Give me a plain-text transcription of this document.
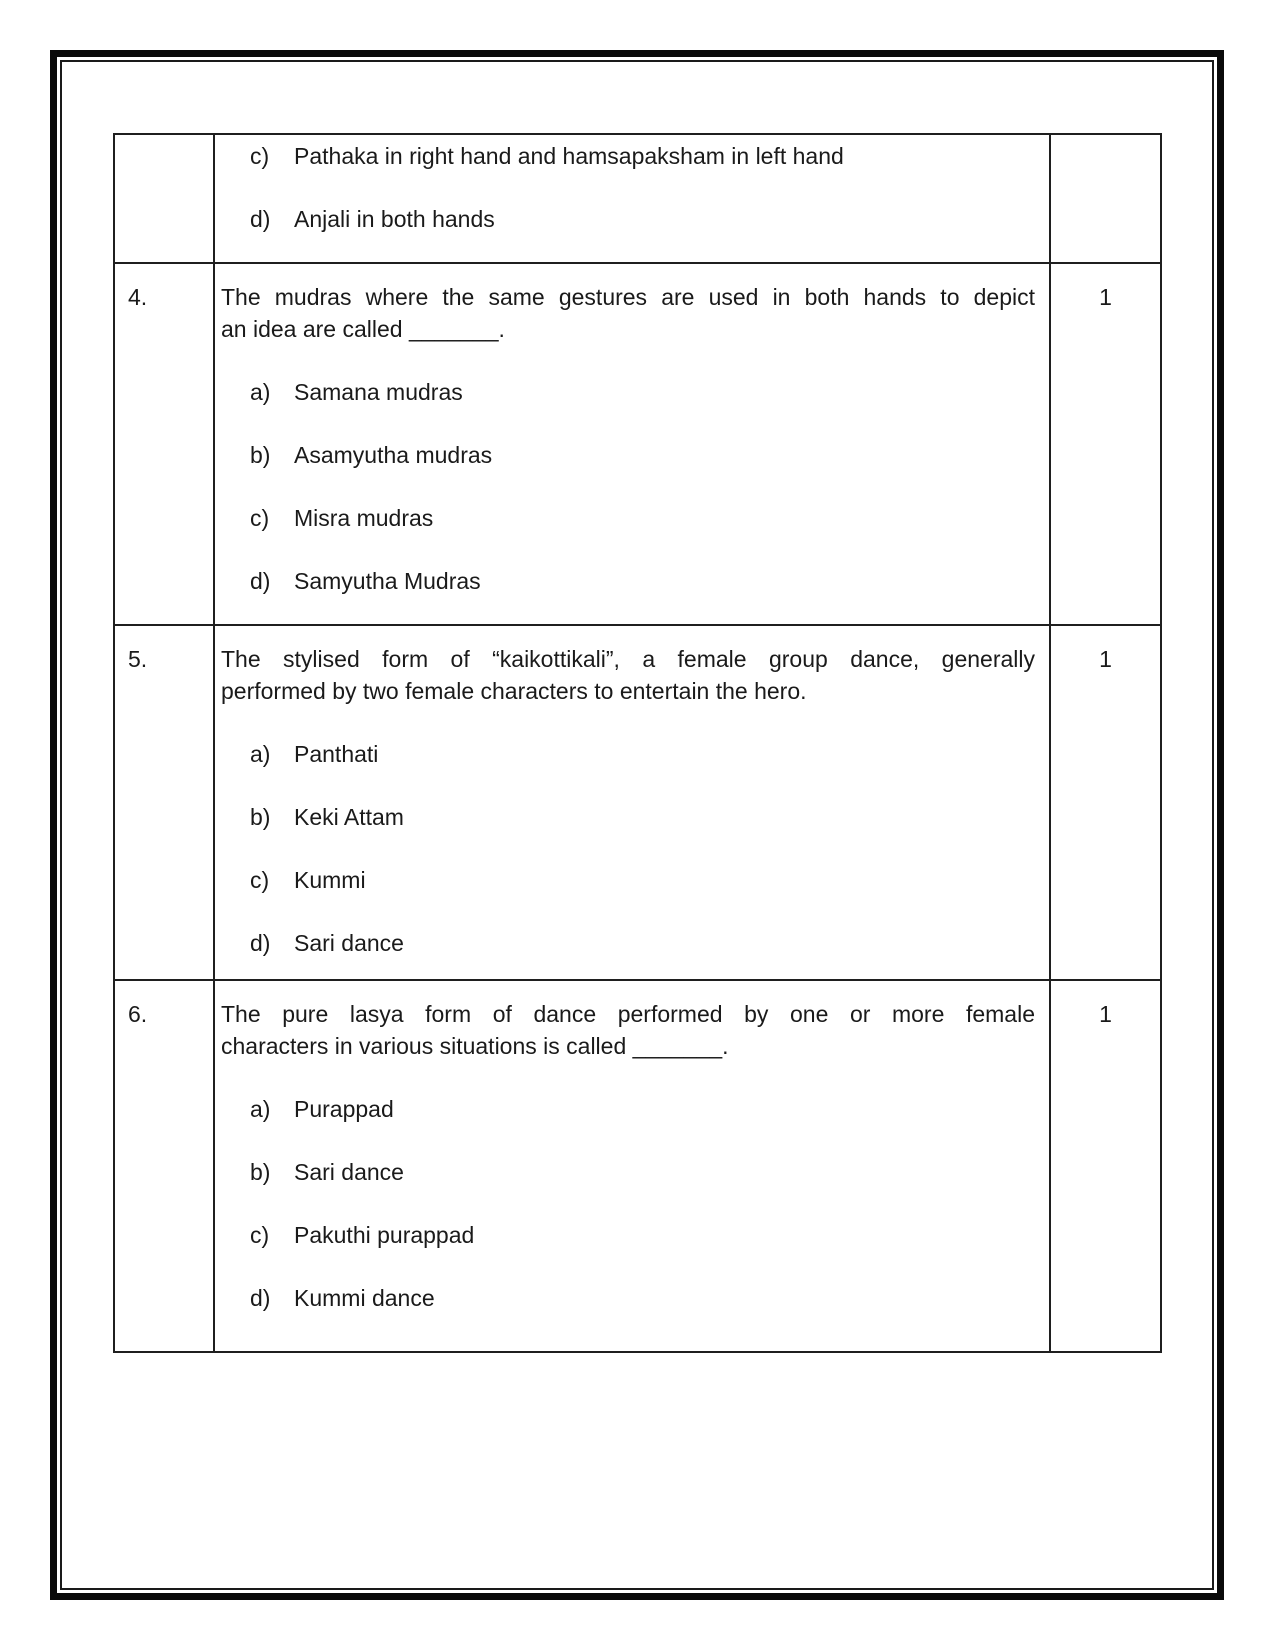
c)	Pathaka in right hand and hamsapaksham in left hand
d)	Anjali in both hands
4.	The mudras where the same gestures are used in both hands to depict
an idea are called _______.
a)	Samana mudras
b)	Asamyutha mudras
c)	Misra mudras
d)	Samyutha Mudras
1
5.	The stylised form of “kaikottikali”, a female group dance, generally
performed by two female characters to entertain the hero.
a)	Panthati
b)	Keki Attam
c)	Kummi
d)	Sari dance
1
6.	The pure lasya form of dance performed by one or more female
characters in various situations is called _______.
a)	Purappad
b)	Sari dance
c)	Pakuthi purappad
d)	Kummi dance
1
